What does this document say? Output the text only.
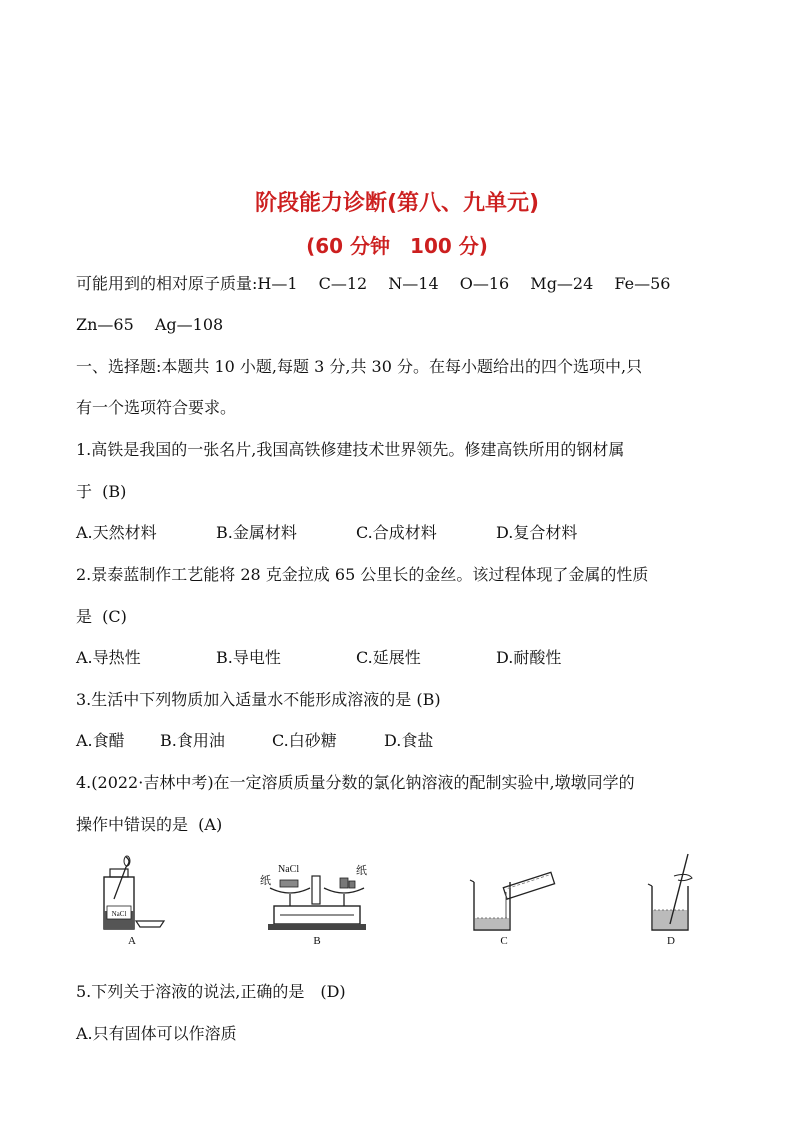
阶段能力诊断(第八、九单元)
(60 分钟　100 分)
可能用到的相对原子质量:H—1　 C—12　 N—14　 O—16　 Mg—24　 Fe—56
Zn—65　 Ag—108
一、选择题:本题共 10 小题,每题 3 分,共 30 分。在每小题给出的四个选项中,只
有一个选项符合要求。
1.高铁是我国的一张名片,我国高铁修建技术世界领先。修建高铁所用的钢材属
于  (B)
A.天然材料	B.金属材料	C.合成材料	D.复合材料
2.景泰蓝制作工艺能将 28 克金拉成 65 公里长的金丝。该过程体现了金属的性质
是  (C)
A.导热性	B.导电性	C.延展性	D.耐酸性
3.生活中下列物质加入适量水不能形成溶液的是 (B)
A.食醋 B.食用油	C.白砂糖	D.食盐
4.(2022·吉林中考)在一定溶质质量分数的氯化钠溶液的配制实验中,墩墩同学的
操作中错误的是  (A)
NaCl
A
纸
NaCl	纸
B	C	D
5.下列关于溶液的说法,正确的是　(D)
A.只有固体可以作溶质
